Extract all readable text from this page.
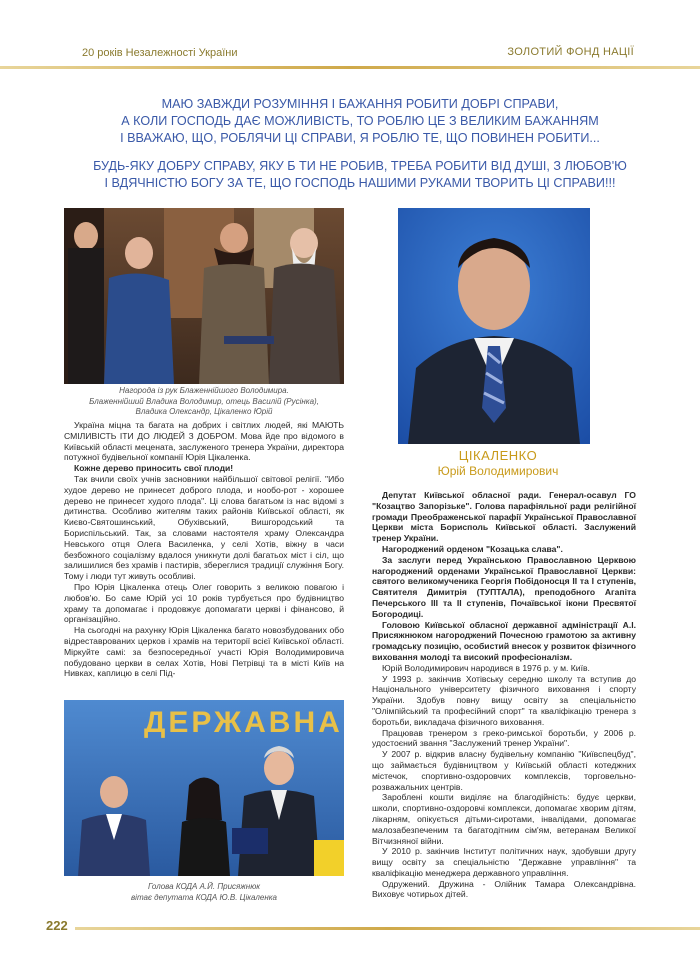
20 років Незалежності України	ЗОЛОТИЙ ФОНД НАЦІЇ
МАЮ ЗАВЖДИ РОЗУМІННЯ І БАЖАННЯ РОБИТИ ДОБРІ СПРАВИ,
А КОЛИ ГОСПОДЬ ДАЄ МОЖЛИВІСТЬ, ТО РОБЛЮ ЦЕ З ВЕЛИКИМ БАЖАННЯМ
І ВВАЖАЮ, ЩО, РОБЛЯЧИ ЦІ СПРАВИ, Я РОБЛЮ ТЕ, ЩО ПОВИНЕН РОБИТИ...
БУДЬ-ЯКУ ДОБРУ СПРАВУ, ЯКУ Б ТИ НЕ РОБИВ, ТРЕБА РОБИТИ ВІД ДУШІ, З ЛЮБОВ'Ю
І ВДЯЧНІСТЮ БОГУ ЗА ТЕ, ЩО ГОСПОДЬ НАШИМИ РУКАМИ ТВОРИТЬ ЦІ СПРАВИ!!!
Нагорода із рук Блаженнійшого Володимира.
Блаженнійший Владика Володимир, отець Василій (Русінка),
Владика Олександр, Цікаленко Юрій
ЦІКАЛЕНКО
Юрій Володимирович

Україна міцна та багата на добрих і світлих людей, які МАЮТЬ СМІЛИВІСТЬ ІТИ ДО ЛЮДЕЙ З ДОБРОМ. Мова йде про відомого в Київській області мецената, заслуженого тренера України, директора потужної будівельної компанії Юрія Цікаленка.

Кожне дерево приносить свої плоди!

Так вчили своїх учнів засновники найбільшої світової релігії. "Ибо худое дерево не принесет доброго плода, и нообо-рот - хорошее дерево не принесет худого плода". Ці слова багатьом із нас відомі з дитинства. Особливо жителям таких районів Київської області, як Києво-Святошинський, Обухівський, Вишгородський та Бориспільський. Так, за словами настоятеля храму Олександра Невського отця Олега Василенка, у селі Хотів, віжну в часи безбожного соціалізму вдалося уникнути долі багатьох міст і сіл, що залишилися без храмів і пастирів, збереглися традиції служіння Богу. Тому і люди тут живуть особливі.

Про Юрія Цікаленка отець Олег говорить з великою повагою і любов'ю. Бо саме Юрій усі 10 років турбується про будівництво храму та допомагає і продовжує допомагати церкві і фінансово, й організаційно.

На сьогодні на рахунку Юрія Цікаленка багато новозбудованих обо відреставрованих церков і храмів на території всієї Київської області. Міркуйте самі: за безпосередньої участі Юрія Володимировича побудовано церкви в селах Хотів, Нові Петрівці та в місті Київ на Нивках, каплицю в селі Під-

ДЕРЖАВНА
Голова КОДА А.Й. Присяжнюк
вітає депутата КОДА Ю.В. Цікаленка

Депутат Київської обласної ради. Генерал-осавул ГО "Козацтво Запорізьке". Голова парафіяльної ради релігійної громади Преображенської парафії Української Православної Церкви міста Борисполь Київської області. Заслужений тренер України.

Нагороджений орденом "Козацька слава".

За заслуги перед Українською Православною Церквою нагороджений орденами Української Православної Церкви: святого великомученика Георгія Побідоносця II та I ступенів, Святителя Димитрія (ТУПТАЛА), преподобного Агапіта Печерського III та II ступенів, Почаївської ікони Пресвятої Богородиці.

Головою Київської обласної державної адміністрації А.І. Присяжнюком нагороджений Почесною грамотою за активну громадську позицію, особистий внесок у розвиток фізичного виховання молоді та високий професіоналізм.

Юрій Володимирович народився в 1976 р. у м. Київ.

У 1993 р. закінчив Хотівську середню школу та вступив до Національного університету фізичного виховання і спорту України. Здобув повну вищу освіту за спеціальністю "Олімпійський та професійний спорт" та кваліфікацію тренера з боротьби, викладача фізичного виховання.

Працював тренером з греко-римської боротьби, у 2006 р. удостоєний звання "Заслужений тренер України".

У 2007 р. відкрив власну будівельну компанію "Київспецбуд", що займається будівництвом у Київській області котеджних містечок, спортивно-оздоровчих комплексів, торговельно-розважальних центрів.

Зароблені кошти виділяє на благодійність: будує церкви, школи, спортивно-оздоровчі комплекси, допомагає хворим дітям, лікарням, опікується дітьми-сиротами, інвалідами, допомагає малозабезпеченим та багатодітним сім'ям, ветеранам Великої Вітчизняної війни.

У 2010 р. закінчив Інститут політичних наук, здобувши другу вищу освіту за спеціальністю "Державне управління" та кваліфікацію менеджера державного управління.

Одружений. Дружина - Олійник Тамара Олександрівна. Виховує чотирьох дітей.

222
